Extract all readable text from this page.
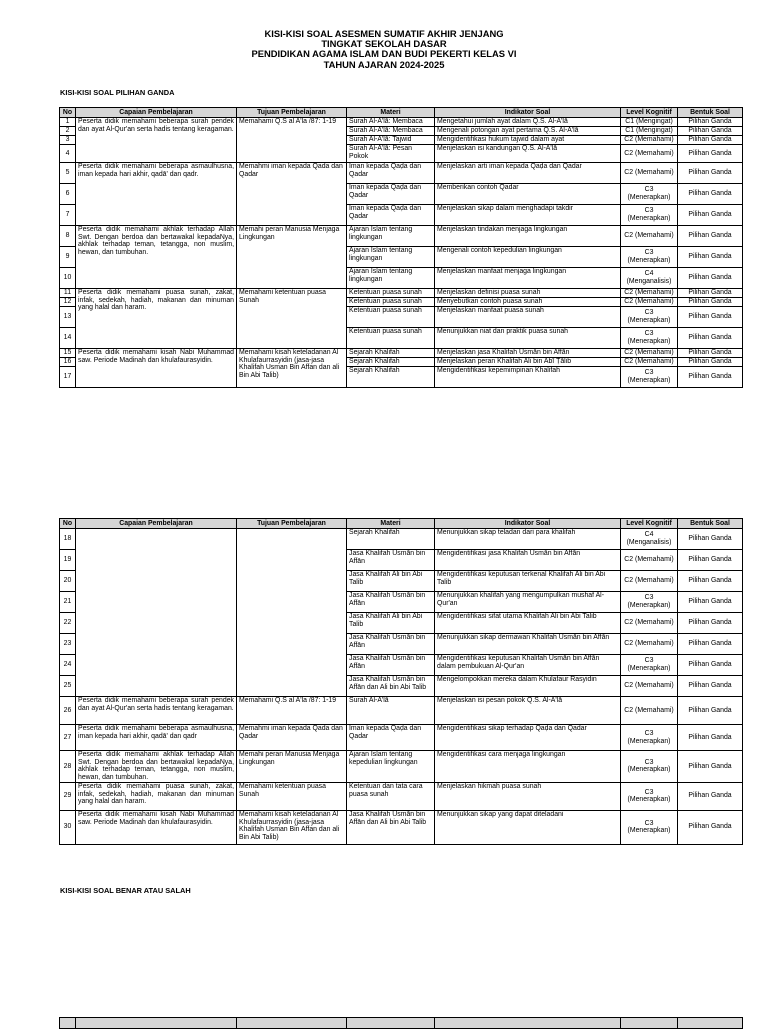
KISI-KISI SOAL ASESMEN SUMATIF AKHIR JENJANG
TINGKAT SEKOLAH DASAR
PENDIDIKAN AGAMA ISLAM DAN BUDI PEKERTI KELAS VI
TAHUN AJARAN 2024-2025
KISI-KISI SOAL PILIHAN GANDA
No	Capaian Pembelajaran	Tujuan Pembelajaran	Materi	Indikator Soal	Level Kognitif	Bentuk Soal
1	Peserta didik memahami beberapa surah pendek dan ayat Al-Qur'an serta hadis tentang keragaman.	Memahami Q.S al A'la /87: 1-19	Surah Al-A'lā: Membaca	Mengetahui jumlah ayat dalam Q.S. Al-A'lā	C1 (Mengingat)	Pilihan Ganda
2			Surah Al-A'lā: Membaca	Mengenali potongan ayat pertama Q.S. Al-A'lā	C1 (Mengingat)	Pilihan Ganda
3			Surah Al-A'lā: Tajwid	Mengidentifikasi hukum tajwid dalam ayat	C2 (Memahami)	Pilihan Ganda
4			Surah Al-A'lā: Pesan Pokok	Menjelaskan isi kandungan Q.S. Al-A'lā	C2 (Memahami)	Pilihan Ganda
5	Peserta didik memahami beberapa asmaulhusna, iman kepada hari akhir, qadā' dan qadr.	Memahmi iman kepada Qada dan Qadar	Iman kepada Qaḍa dan Qadar	Menjelaskan arti iman kepada Qaḍa dan Qadar	C2 (Memahami)	Pilihan Ganda
6			Iman kepada Qaḍa dan Qadar	Memberikan contoh Qadar	C3 (Menerapkan)	Pilihan Ganda
7			Iman kepada Qaḍa dan Qadar	Menjelaskan sikap dalam menghadapi takdir	C3 (Menerapkan)	Pilihan Ganda
8	Peserta didik memahami akhlak terhadap Allah Swt. Dengan berdoa dan bertawakal kepadaNya, akhlak terhadap teman, tetangga, non muslim, hewan, dan tumbuhan.	Memahi peran Manusia Menjaga Lingkungan	Ajaran Islam tentang lingkungan	Menjelaskan tindakan menjaga lingkungan	C2 (Memahami)	Pilihan Ganda
9			Ajaran Islam tentang lingkungan	Mengenali contoh kepedulian lingkungan	C3 (Menerapkan)	Pilihan Ganda
10			Ajaran Islam tentang lingkungan	Menjelaskan manfaat menjaga lingkungan	C4 (Menganalisis)	Pilihan Ganda
11	Peserta didik memahami puasa sunah, zakat, infak, sedekah, hadiah, makanan dan minuman yang halal dan haram.	Memahami ketentuan puasa Sunah	Ketentuan puasa sunah	Menjelaskan definisi puasa sunah	C2 (Memahami)	Pilihan Ganda
12			Ketentuan puasa sunah	Menyebutkan contoh puasa sunah	C2 (Memahami)	Pilihan Ganda
13			Ketentuan puasa sunah	Menjelaskan manfaat puasa sunah	C3 (Menerapkan)	Pilihan Ganda
14			Ketentuan puasa sunah	Menunjukkan niat dan praktik puasa sunah	C3 (Menerapkan)	Pilihan Ganda
15	Peserta didik memahami kisah Nabi Muhammad saw. Periode Madinah dan khulafaurasyidin.	Memahami kisah keteladanan Al Khulafaurrasyidin (jasa-jasa Khalifah Usman Bin Affan dan ali Bin Abi Talib)	Sejarah Khalifah	Menjelaskan jasa Khalifah Uṡmān bin Affān	C2 (Memahami)	Pilihan Ganda
16			Sejarah Khalifah	Menjelaskan peran Khalifah Ali bin Abī Ṭālib	C2 (Memahami)	Pilihan Ganda
17			Sejarah Khalifah	Mengidentifikasi kepemimpinan Khalifah	C3 (Menerapkan)	Pilihan Ganda
No	Capaian Pembelajaran	Tujuan Pembelajaran	Materi	Indikator Soal	Level Kognitif	Bentuk Soal
18			Sejarah Khalifah	Menunjukkan sikap teladan dari para khalifah	C4 (Menganalisis)	Pilihan Ganda
19			Jasa Khalifah Usmān bin Affān	Mengidentifikasi jasa Khalifah Usmān bin Affān	C2 (Memahami)	Pilihan Ganda
20			Jasa Khalifah Ali bin Abi Talib	Mengidentifikasi keputusan terkenal Khalifah Ali bin Abi Talib	C2 (Memahami)	Pilihan Ganda
21			Jasa Khalifah Usmān bin Affān	Menunjukkan khalifah yang mengumpulkan mushaf Al-Qur'an	C3 (Menerapkan)	Pilihan Ganda
22			Jasa Khalifah Ali bin Abi Talib	Mengidentifikasi sifat utama Khalifah Ali bin Abi Talib	C2 (Memahami)	Pilihan Ganda
23			Jasa Khalifah Usmān bin Affān	Menunjukkan sikap dermawan Khalifah Usmān bin Affān	C2 (Memahami)	Pilihan Ganda
24			Jasa Khalifah Usmān bin Affān	Mengidentifikasi keputusan Khalifah Usmān bin Affān dalam pembukuan Al-Qur'an	C3 (Menerapkan)	Pilihan Ganda
25			Jasa Khalifah Usmān bin Affān dan Ali bin Abi Talib	Mengelompokkan mereka dalam Khulafaur Rasyidin	C2 (Memahami)	Pilihan Ganda
26	Peserta didik memahami beberapa surah pendek dan ayat Al-Qur'an serta hadis tentang keragaman.	Memahami Q.S al A'la /87: 1-19	Surah Al-A'lā	Menjelaskan isi pesan pokok Q.S. Al-A'lā	C2 (Memahami)	Pilihan Ganda
27	Peserta didik memahami beberapa asmaulhusna, iman kepada hari akhir, qadā' dan qadr	Memahmi iman kepada Qada dan Qadar	Iman kepada Qaḍa dan Qadar	Mengidentifikasi sikap terhadap Qaḍa dan Qadar	C3 (Menerapkan)	Pilihan Ganda
28	Peserta didik memahami akhlak terhadap Allah Swt. Dengan berdoa dan bertawakal kepadaNya, akhlak terhadap teman, tetangga, non muslim, hewan, dan tumbuhan.	Memahi peran Manusia Menjaga Lingkungan	Ajaran Islam tentang kepedulian lingkungan	Mengidentifikasi cara menjaga lingkungan	C3 (Menerapkan)	Pilihan Ganda
29	Peserta didik memahami puasa sunah, zakat, infak, sedekah, hadiah, makanan dan minuman yang halal dan haram.	Memahami ketentuan puasa Sunah	Ketentuan dan tata cara puasa sunah	Menjelaskan hikmah puasa sunah	C3 (Menerapkan)	Pilihan Ganda
30	Peserta didik memahami kisah Nabi Muhammad saw. Periode Madinah dan khulafaurasyidin.	Memahami kisah keteladanan Al Khulafaurrasyidin (jasa-jasa Khalifah Usman Bin Affan dan ali Bin Abi Talib)	Jasa Khalifah Usmān bin Affān dan Ali bin Abi Talib	Menunjukkan sikap yang dapat diteladani	C3 (Menerapkan)	Pilihan Ganda
KISI-KISI SOAL BENAR ATAU SALAH
